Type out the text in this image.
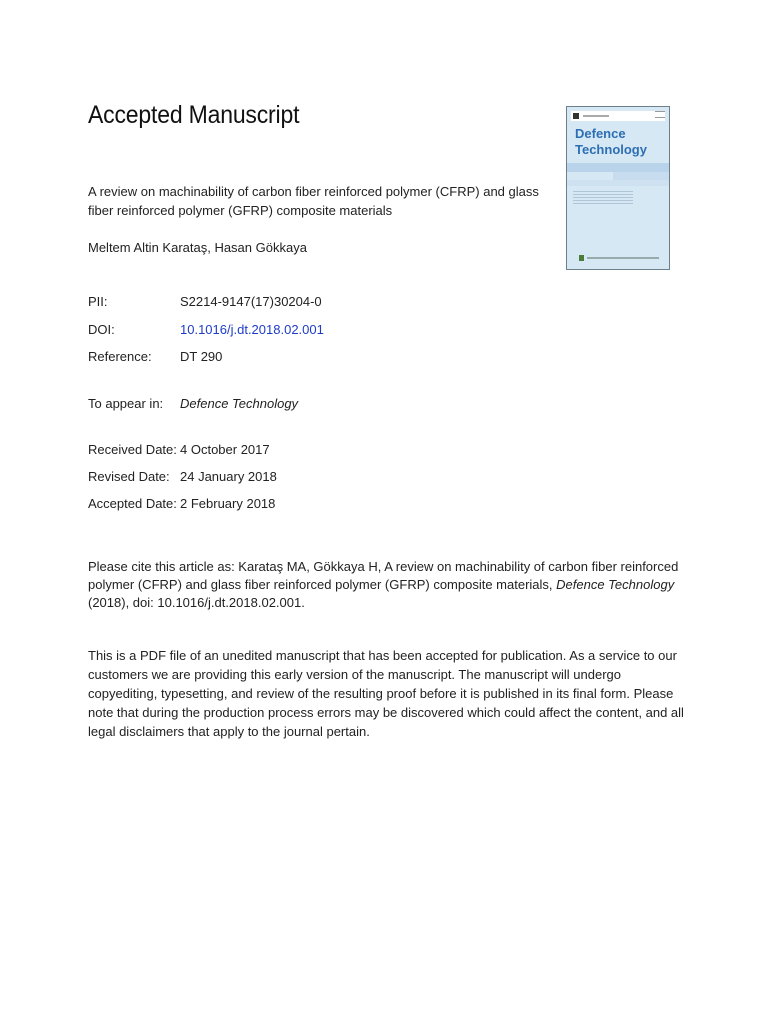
Accepted Manuscript
A review on machinability of carbon fiber reinforced polymer (CFRP) and glass fiber reinforced polymer (GFRP) composite materials
Meltem Altin Karataş, Hasan Gökkaya
Defence Technology
PII:	S2214-9147(17)30204-0
DOI:	10.1016/j.dt.2018.02.001
Reference: DT 290
To appear in: Defence Technology
Received Date: 4 October 2017
Revised Date: 24 January 2018
Accepted Date: 2 February 2018
Please cite this article as: Karataş MA, Gökkaya H, A review on machinability of carbon fiber reinforced polymer (CFRP) and glass fiber reinforced polymer (GFRP) composite materials, Defence Technology (2018), doi: 10.1016/j.dt.2018.02.001.
This is a PDF file of an unedited manuscript that has been accepted for publication. As a service to our customers we are providing this early version of the manuscript. The manuscript will undergo copyediting, typesetting, and review of the resulting proof before it is published in its final form. Please note that during the production process errors may be discovered which could affect the content, and all legal disclaimers that apply to the journal pertain.
